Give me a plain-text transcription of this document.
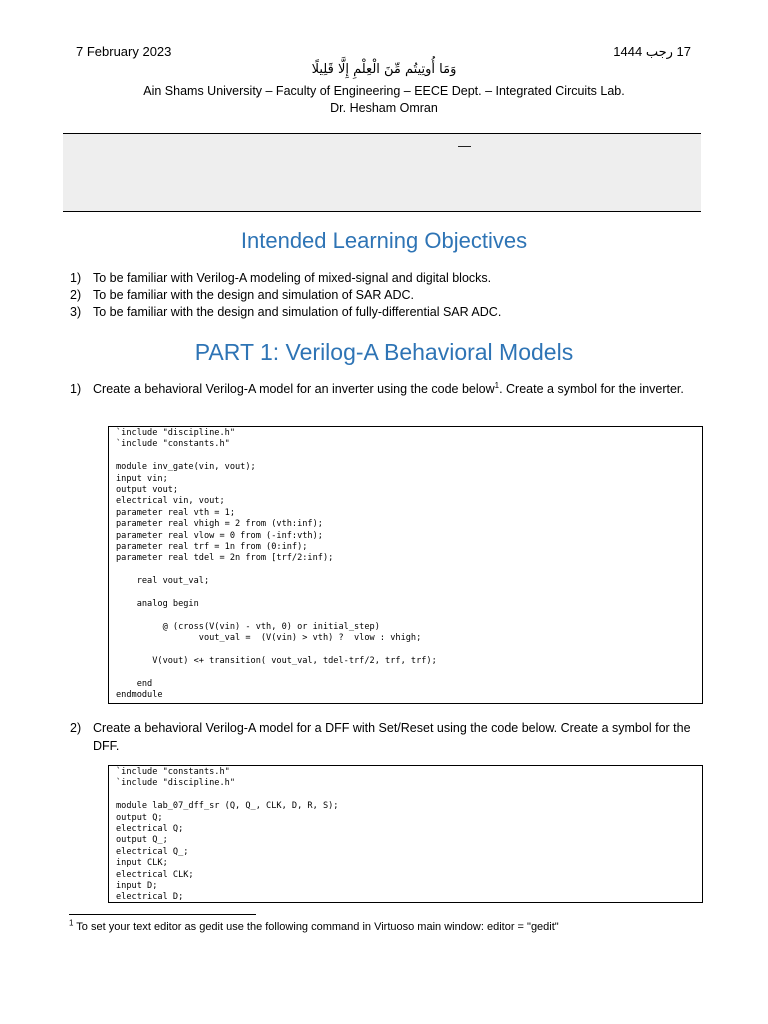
7 February 2023	17 رجب 1444
وَمَا أُوتِيتُم مِّنَ الْعِلْمِ إِلَّا قَلِيلًا
Ain Shams University – Faculty of Engineering – EECE Dept. – Integrated Circuits Lab.
Dr. Hesham Omran
—
Intended Learning Objectives
1) To be familiar with Verilog-A modeling of mixed-signal and digital blocks.
2) To be familiar with the design and simulation of SAR ADC.
3) To be familiar with the design and simulation of fully-differential SAR ADC.
PART 1: Verilog-A Behavioral Models
1) Create a behavioral Verilog-A model for an inverter using the code below$^1$. Create a symbol for the inverter.
`include "discipline.h"
`include "constants.h"

module inv_gate(vin, vout);
input vin;
output vout;
electrical vin, vout;
parameter real vth = 1;
parameter real vhigh = 2 from (vth:inf);
parameter real vlow = 0 from (-inf:vth);
parameter real trf = 1n from (0:inf);
parameter real tdel = 2n from [trf/2:inf);

real vout_val;

analog begin

@ (cross(V(vin) - vth, 0) or initial_step)
vout_val =  (V(vin) > vth) ?  vlow : vhigh;

V(vout) <+ transition( vout_val, tdel-trf/2, trf, trf);

end
endmodule
2) Create a behavioral Verilog-A model for a DFF with Set/Reset using the code below. Create a symbol for the DFF.
`include "constants.h"
`include "discipline.h"

module lab_07_dff_sr (Q, Q_, CLK, D, R, S);
output Q;
electrical Q;
output Q_;
electrical Q_;
input CLK;
electrical CLK;
input D;
electrical D;
$^1$ To set your text editor as gedit use the following command in Virtuoso main window: editor = "gedit"
